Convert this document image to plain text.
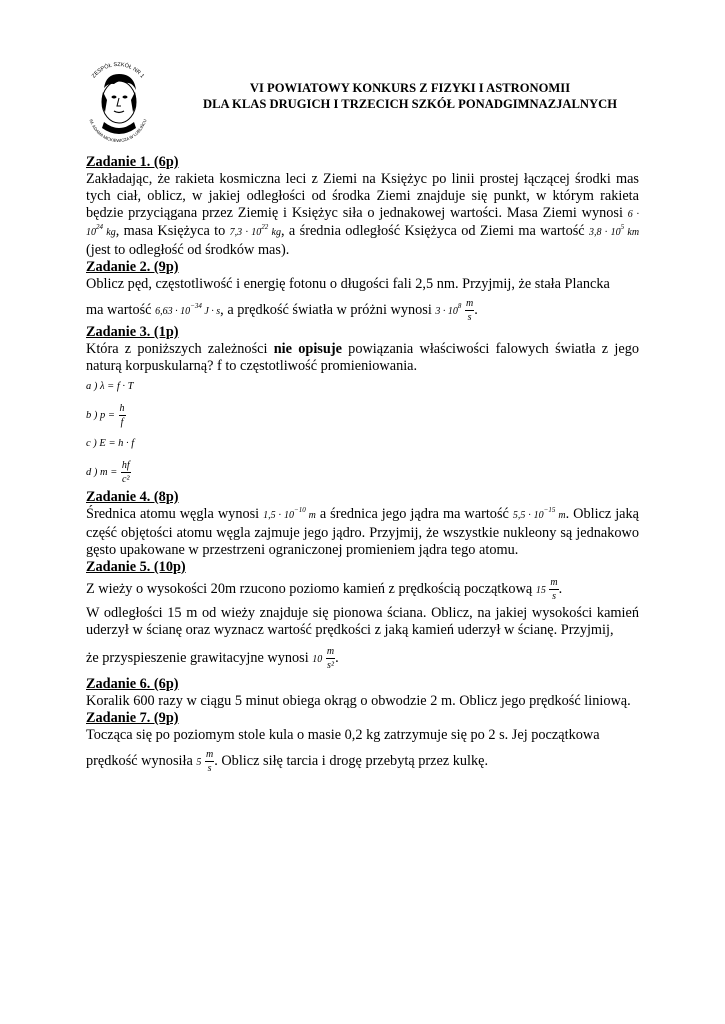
ZESPÓŁ SZKÓŁ NR 1
IM. ADAMA MICKIEWICZA W LUBLIŃCU
VI POWIATOWY KONKURS Z FIZYKI I ASTRONOMII
DLA KLAS DRUGICH I TRZECICH SZKÓŁ PONADGIMNAZJALNYCH
Zadanie 1. (6p)

Zakładając, że rakieta kosmiczna leci z Ziemi na Księżyc po linii prostej łączącej środki mas tych ciał, oblicz, w jakiej odległości od środka Ziemi znajduje się punkt, w którym rakieta będzie przyciągana przez Ziemię i Księżyc siła o jednakowej wartości. Masa Ziemi wynosi $6 \cdot 10^{24}$ kg, masa Księżyca to $7,3 \cdot 10^{22}$ kg, a średnia odległość Księżyca od Ziemi ma wartość $3,8 \cdot 10^5$ km (jest to odległość od środków mas).

Zadanie 2. (9p)

Oblicz pęd, częstotliwość i energię fotonu o długości fali 2,5 nm. Przyjmij, że stała Plancka

ma wartość $6,63 \cdot 10^{-34}$ J · s, a prędkość światła w próżni wynosi $3 \cdot 10^8 \frac{m}{s}$ .

Zadanie 3. (1p)

Która z poniższych zależności nie opisuje powiązania właściwości falowych światła z jego naturą korpuskularną? f to częstotliwość promieniowania.

a ) λ = f · T
b ) p =
$\frac{h}{f}$
c ) E = h · f
d ) m =
$\frac{hf}{\text{c²}}$
Zadanie 4. (8p)

Średnica atomu węgla wynosi $1,5 \cdot 10^{-10}$ m a średnica jego jądra ma wartość $5,5 \cdot 10^{-15}$ m. Oblicz jaką część objętości atomu węgla zajmuje jego jądro. Przyjmij, że wszystkie nukleony są jednakowo gęsto upakowane w przestrzeni ograniczonej promieniem jądra tego atomu.

Zadanie 5. (10p)

Z wieży o wysokości 20m rzucono poziomo kamień z prędkością początkową $15 \frac{m}{s}$ .

W odległości 15 m od wieży znajduje się pionowa ściana. Oblicz, na jakiej wysokości kamień uderzył w ścianę oraz wyznacz wartość prędkości z jaką kamień uderzył w ścianę. Przyjmij,

że przyspieszenie grawitacyjne wynosi $10 \frac{m}{\text{s²}}$ .

Zadanie 6. (6p)

Koralik 600 razy w ciągu 5 minut obiega okrąg o obwodzie 2 m. Oblicz jego prędkość liniową.

Zadanie 7. (9p)

Tocząca się po poziomym stole kula o masie 0,2 kg zatrzymuje się po 2 s. Jej początkowa

prędkość wynosiła $5 \frac{m}{s}$ . Oblicz siłę tarcia i drogę przebytą przez kulkę.
